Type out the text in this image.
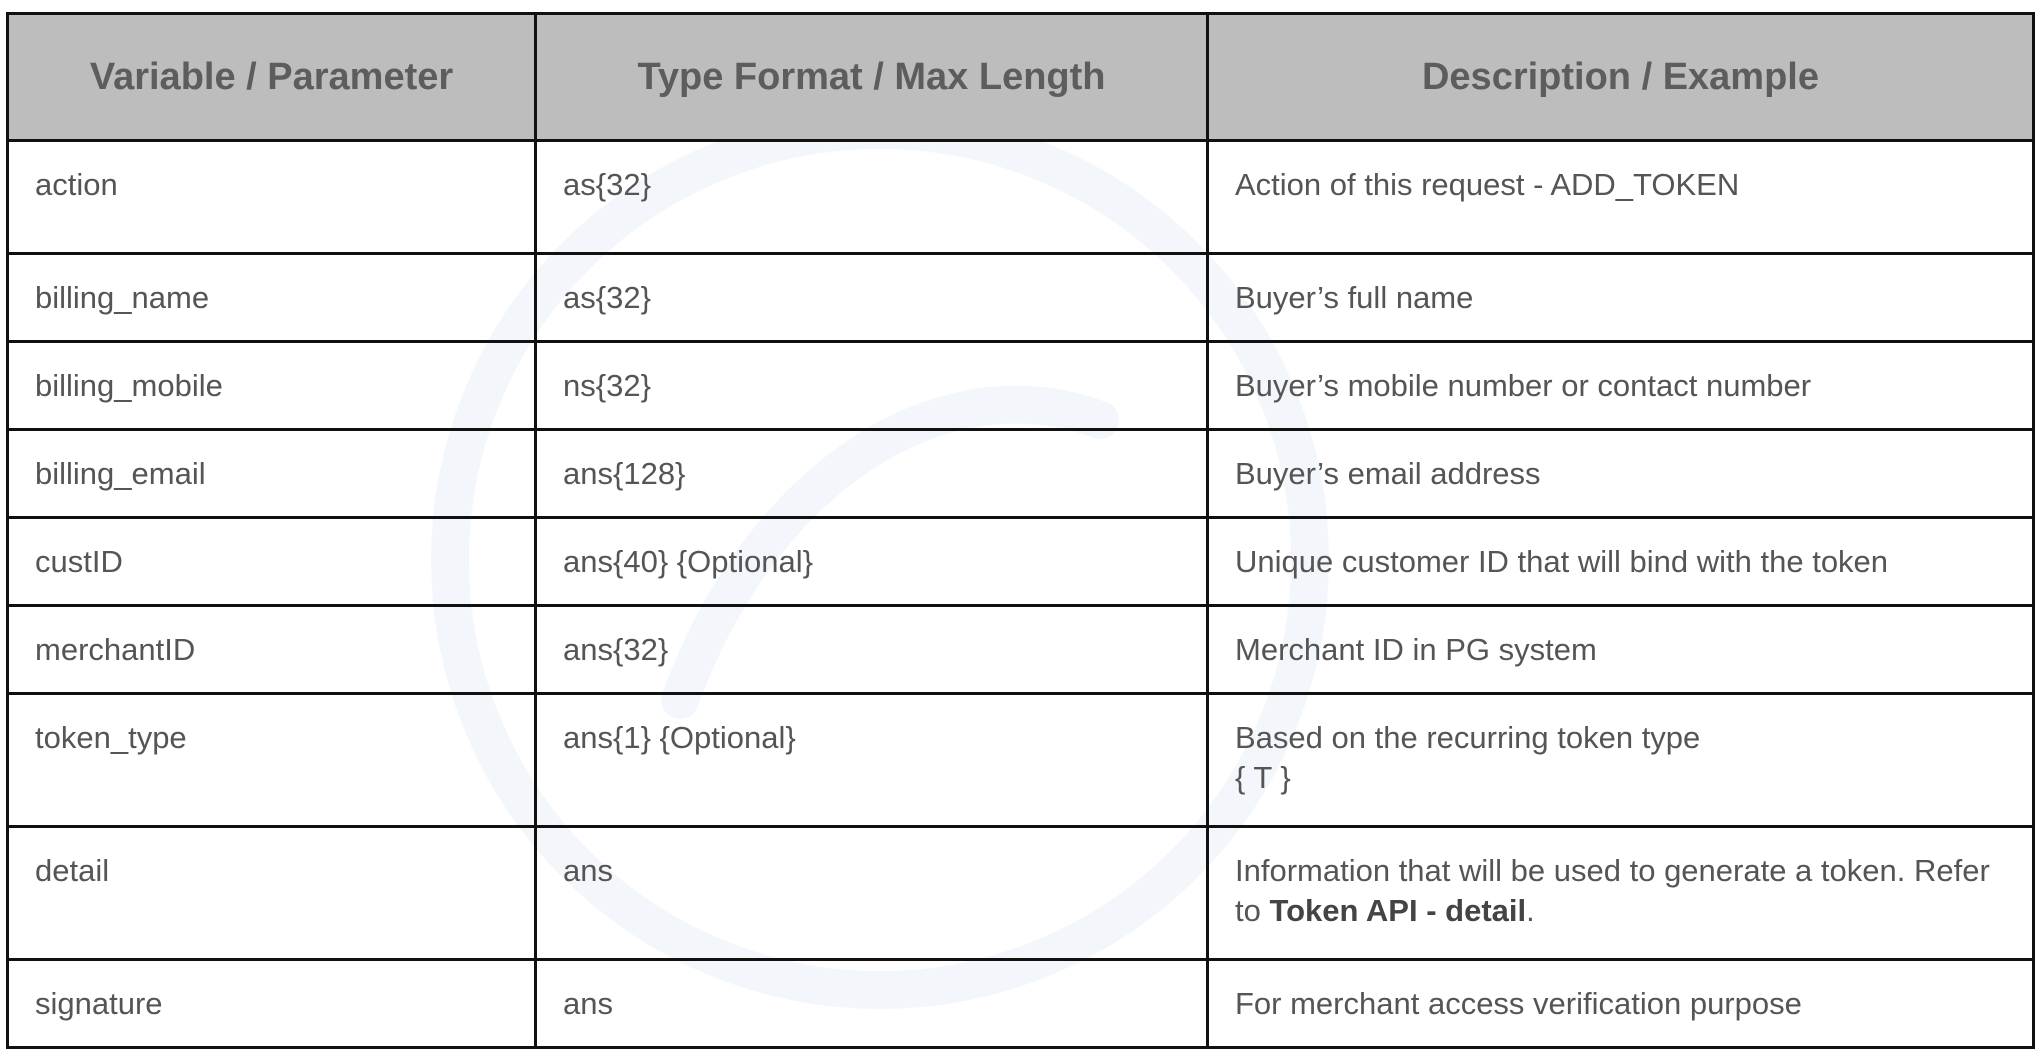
Variable / Parameter	Type Format / Max Length	Description / Example
action	as{32}	Action of this request - ADD_TOKEN
billing_name	as{32}	Buyer’s full name
billing_mobile	ns{32}	Buyer’s mobile number or contact number
billing_email	ans{128}	Buyer’s email address
custID	ans{40} {Optional}	Unique customer ID that will bind with the token
merchantID	ans{32}	Merchant ID in PG system
token_type	ans{1} {Optional}	Based on the recurring token type
{ T }
detail	ans	Information that will be used to generate a token. Refer to Token API - detail.
signature	ans	For merchant access verification purpose
